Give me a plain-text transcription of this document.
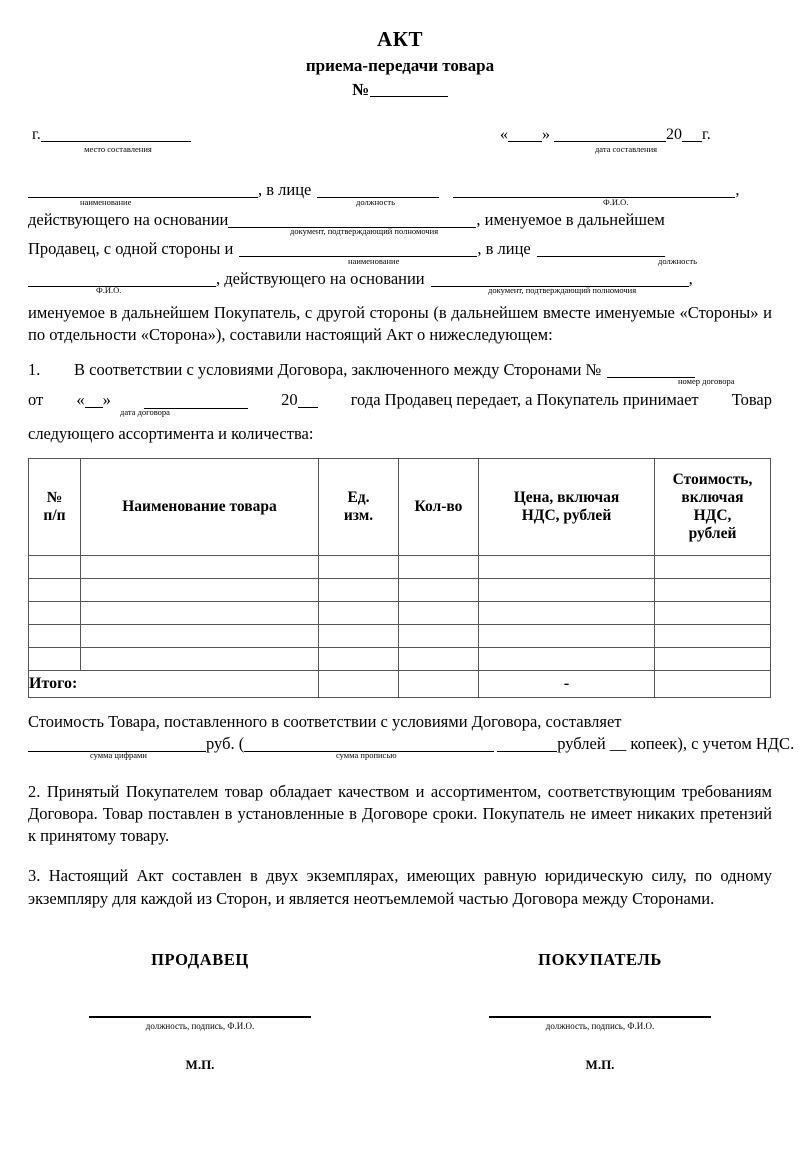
АКТ
приема-передачи товара
№
г.
место составления
« »	20 г.
дата составления
, в лице	,
наименование	должность	Ф.И.О.
действующего на основании	, именуемое в дальнейшем
документ, подтверждающий полномочия
Продавец, с одной стороны и	, в лице
наименование	должность
, действующего на основании	,
Ф.И.О.	документ, подтверждающий полномочия
именуемое в дальнейшем Покупатель, с другой стороны (в дальнейшем вместе именуемые «Стороны» и по отдельности «Сторона»), составили настоящий Акт о нижеследующем:
1. В соответствии с условиями Договора, заключенного между Сторонами №
номер договора
от « »	20	года Продавец передает, а Покупатель принимает Товар
дата договора
следующего ассортимента и количества:
№
п/п

Наименование товара

Ед.
изм.

Кол-во

Цена, включая
НДС, рублей

Стоимость,
включая
НДС,
рублей

Итого:				-	
Стоимость Товара, поставленного в соответствии с условиями Договора, составляет
руб. (	рублей __ копеек), с учетом НДС.
сумма цифрами	сумма прописью
2. Принятый Покупателем товар обладает качеством и ассортиментом, соответствующим требованиям Договора. Товар поставлен в установленные в Договоре сроки. Покупатель не имеет никаких претензий к принятому товару.
3. Настоящий Акт составлен в двух экземплярах, имеющих равную юридическую силу, по одному экземпляру для каждой из Сторон, и является неотъемлемой частью Договора между Сторонами.
ПРОДАВЕЦ
должность, подпись, Ф.И.О.
М.П.
ПОКУПАТЕЛЬ
должность, подпись, Ф.И.О.
М.П.
